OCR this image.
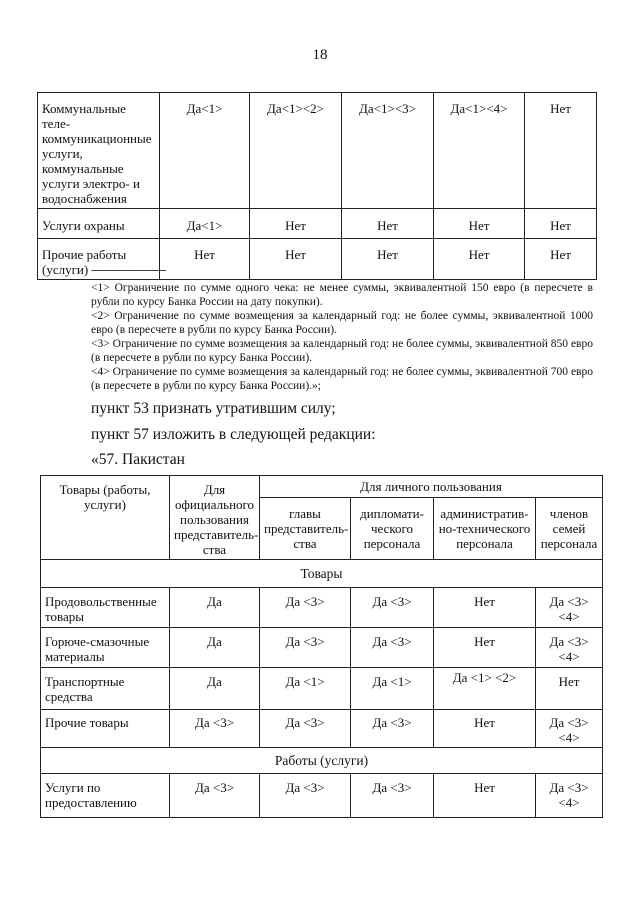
18
Коммунальные теле-коммуникационные услуги, коммунальные услуги электро- и водоснабжения	Да<1>	Да<1><2>	Да<1><3>	Да<1><4>	Нет
Услуги охраны	Да<1>	Нет	Нет	Нет	Нет
Прочие работы (услуги)	Нет	Нет	Нет	Нет	Нет
--------------------------------
<1> Ограничение по сумме одного чека: не менее суммы, эквивалентной 150 евро (в пересчете в рубли по курсу Банка России на дату покупки).
<2> Ограничение по сумме возмещения за календарный год: не более суммы, эквивалентной 1000 евро (в пересчете в рубли по курсу Банка России).
<3> Ограничение по сумме возмещения за календарный год: не более суммы, эквивалентной 850 евро (в пересчете в рубли по курсу Банка России).
<4> Ограничение по сумме возмещения за календарный год: не более суммы, эквивалентной 700 евро (в пересчете в рубли по курсу Банка России).»;
пункт 53 признать утратившим силу;
пункт 57 изложить в следующей редакции:
«57. Пакистан
Товары (работы, услуги)	Для официального пользования представитель-ства	Для личного пользования			
		главы представитель-ства	дипломати-ческого персонала	административ-но-технического персонала	членов семей персонала
Товары					
Продовольственные товары	Да	Да <3>	Да <3>	Нет	Да <3> <4>
Горюче-смазочные материалы	Да	Да <3>	Да <3>	Нет	Да <3><4>
Транспортные средства	Да	Да <1>	Да <1>	Да <1> <2>	Нет
Прочие товары	Да <3>	Да <3>	Да <3>	Нет	Да <3> <4>
Работы (услуги)					
Услуги по предоставлению	Да <3>	Да <3>	Да <3>	Нет	Да <3> <4>
